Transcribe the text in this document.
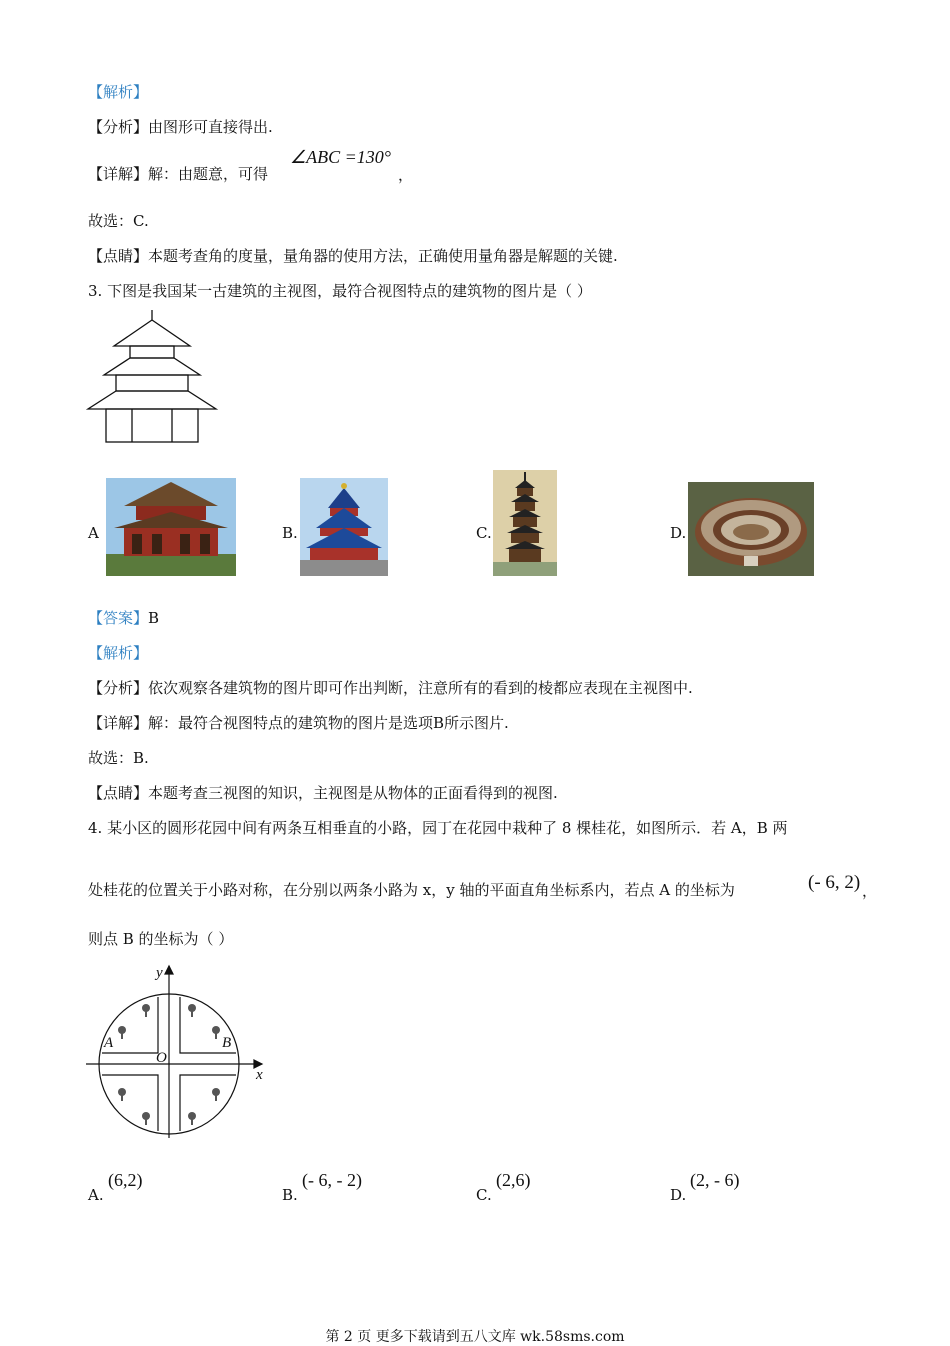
【解析】
【分析】由图形可直接得出.
【详解】解：由题意，可得
∠ABC =130°
，
故选：C.
【点睛】本题考查角的度量，量角器的使用方法，正确使用量角器是解题的关键.
3. 下图是我国某一古建筑的主视图，最符合视图特点的建筑物的图片是（ ）
A	B.	C.	D.
【答案】B
【解析】
【分析】依次观察各建筑物的图片即可作出判断，注意所有的看到的棱都应表现在主视图中.
【详解】解：最符合视图特点的建筑物的图片是选项B所示图片.
故选：B.
【点睛】本题考查三视图的知识，主视图是从物体的正面看得到的视图.
4. 某小区的圆形花园中间有两条互相垂直的小路，园丁在花园中栽种了 8 棵桂花，如图所示．若 A，B 两
处桂花的位置关于小路对称，在分别以两条小路为 x，y 轴的平面直角坐标系内，若点 A 的坐标为	(- 6, 2) ，
则点 B 的坐标为（ ）
y
x
O
A	B
A.
(6,2)
B.
(- 6, - 2)
C.
(2,6)
D.
(2, - 6)
第 2 页 更多下载请到五八文库 wk.58sms.com
